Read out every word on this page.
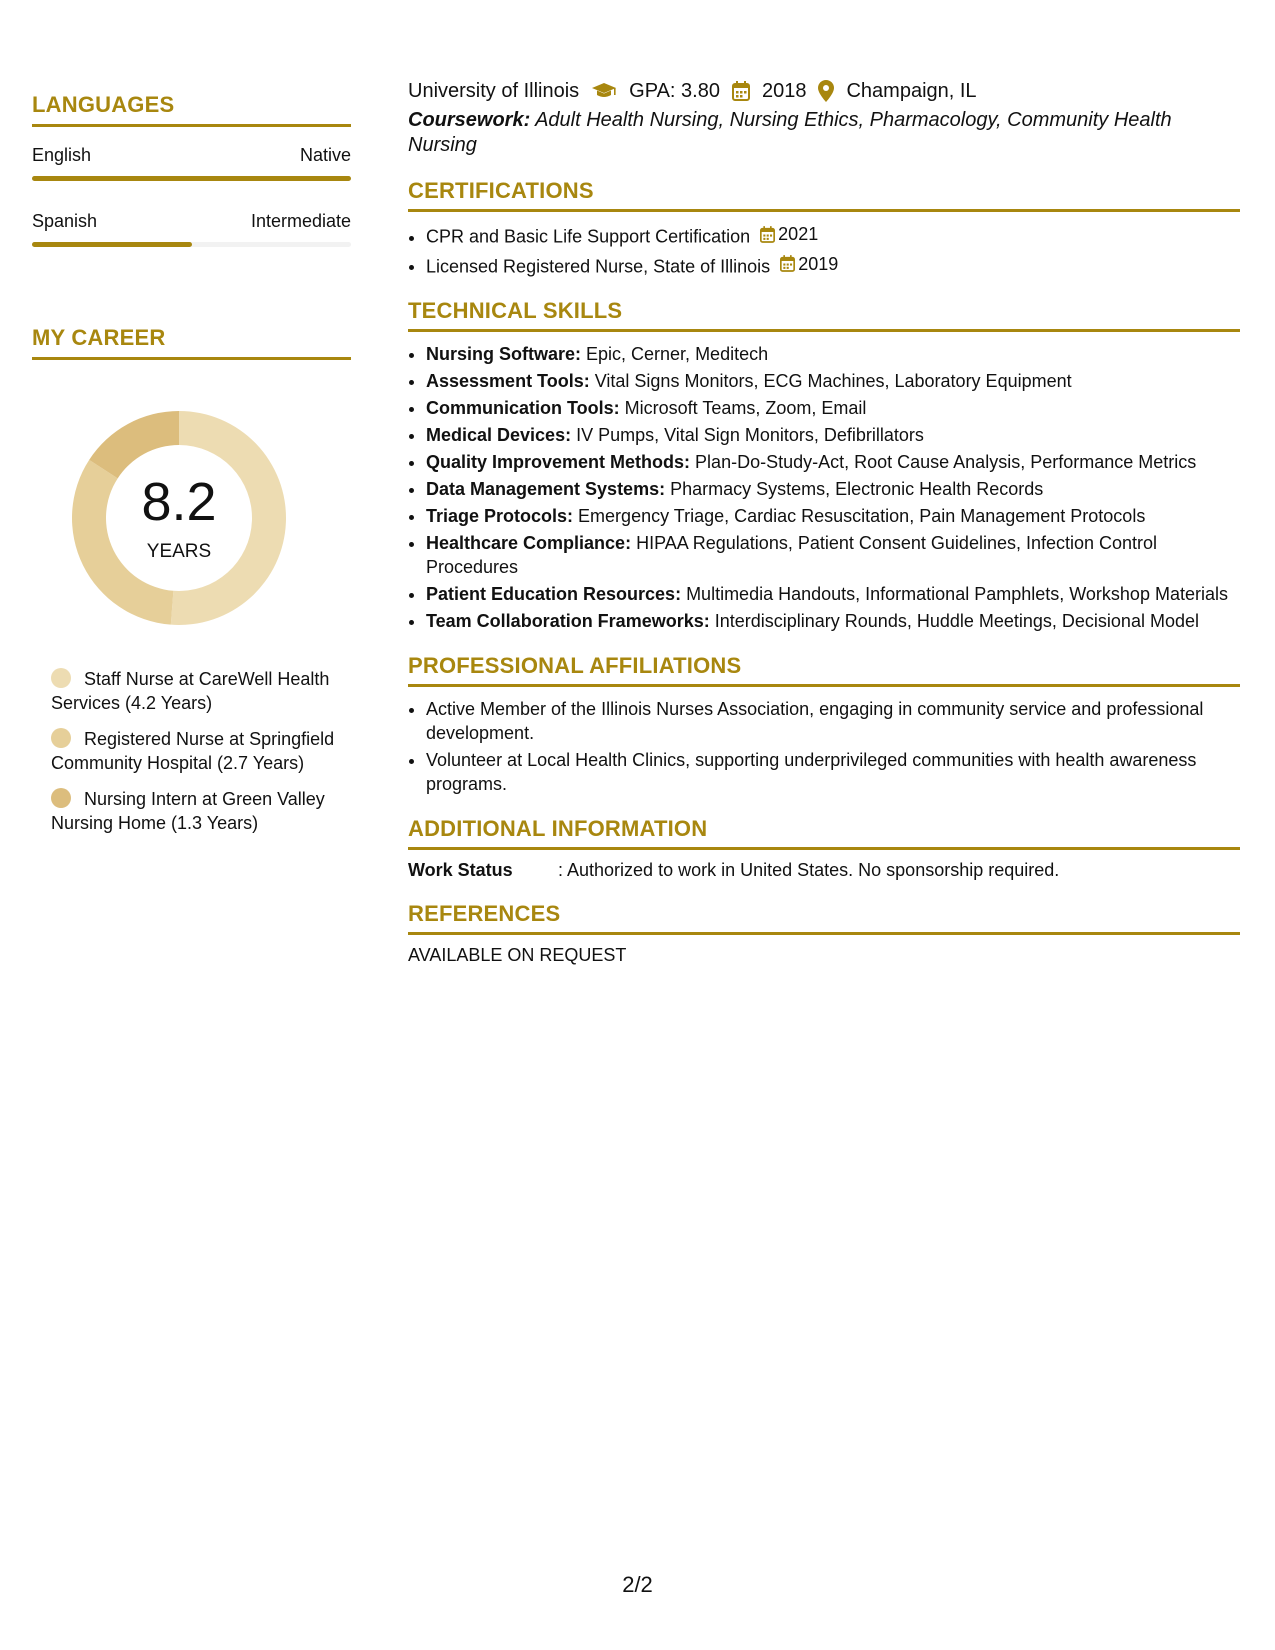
LANGUAGES
English	Native
Spanish	Intermediate
MY CAREER
8.2
YEARS
Staff Nurse at CareWell Health Services (4.2 Years)
Registered Nurse at Springfield Community Hospital (2.7 Years)
Nursing Intern at Green Valley Nursing Home (1.3 Years)
University of Illinois	GPA: 3.80 2018 Champaign, IL
Coursework: Adult Health Nursing, Nursing Ethics, Pharmacology, Community Health Nursing
CERTIFICATIONS
• CPR and Basic Life Support Certification 2021
• Licensed Registered Nurse, State of Illinois 2019
TECHNICAL SKILLS
• Nursing Software: Epic, Cerner, Meditech
• Assessment Tools: Vital Signs Monitors, ECG Machines, Laboratory Equipment
• Communication Tools: Microsoft Teams, Zoom, Email
• Medical Devices: IV Pumps, Vital Sign Monitors, Defibrillators
• Quality Improvement Methods: Plan-Do-Study-Act, Root Cause Analysis, Performance Metrics
• Data Management Systems: Pharmacy Systems, Electronic Health Records
• Triage Protocols: Emergency Triage, Cardiac Resuscitation, Pain Management Protocols
• Healthcare Compliance: HIPAA Regulations, Patient Consent Guidelines, Infection Control Procedures
• Patient Education Resources: Multimedia Handouts, Informational Pamphlets, Workshop Materials
• Team Collaboration Frameworks: Interdisciplinary Rounds, Huddle Meetings, Decisional Model
PROFESSIONAL AFFILIATIONS
• Active Member of the Illinois Nurses Association, engaging in community service and professional development.
• Volunteer at Local Health Clinics, supporting underprivileged communities with health awareness programs.
ADDITIONAL INFORMATION
Work Status	: Authorized to work in United States. No sponsorship required.
REFERENCES
AVAILABLE ON REQUEST
2/2
